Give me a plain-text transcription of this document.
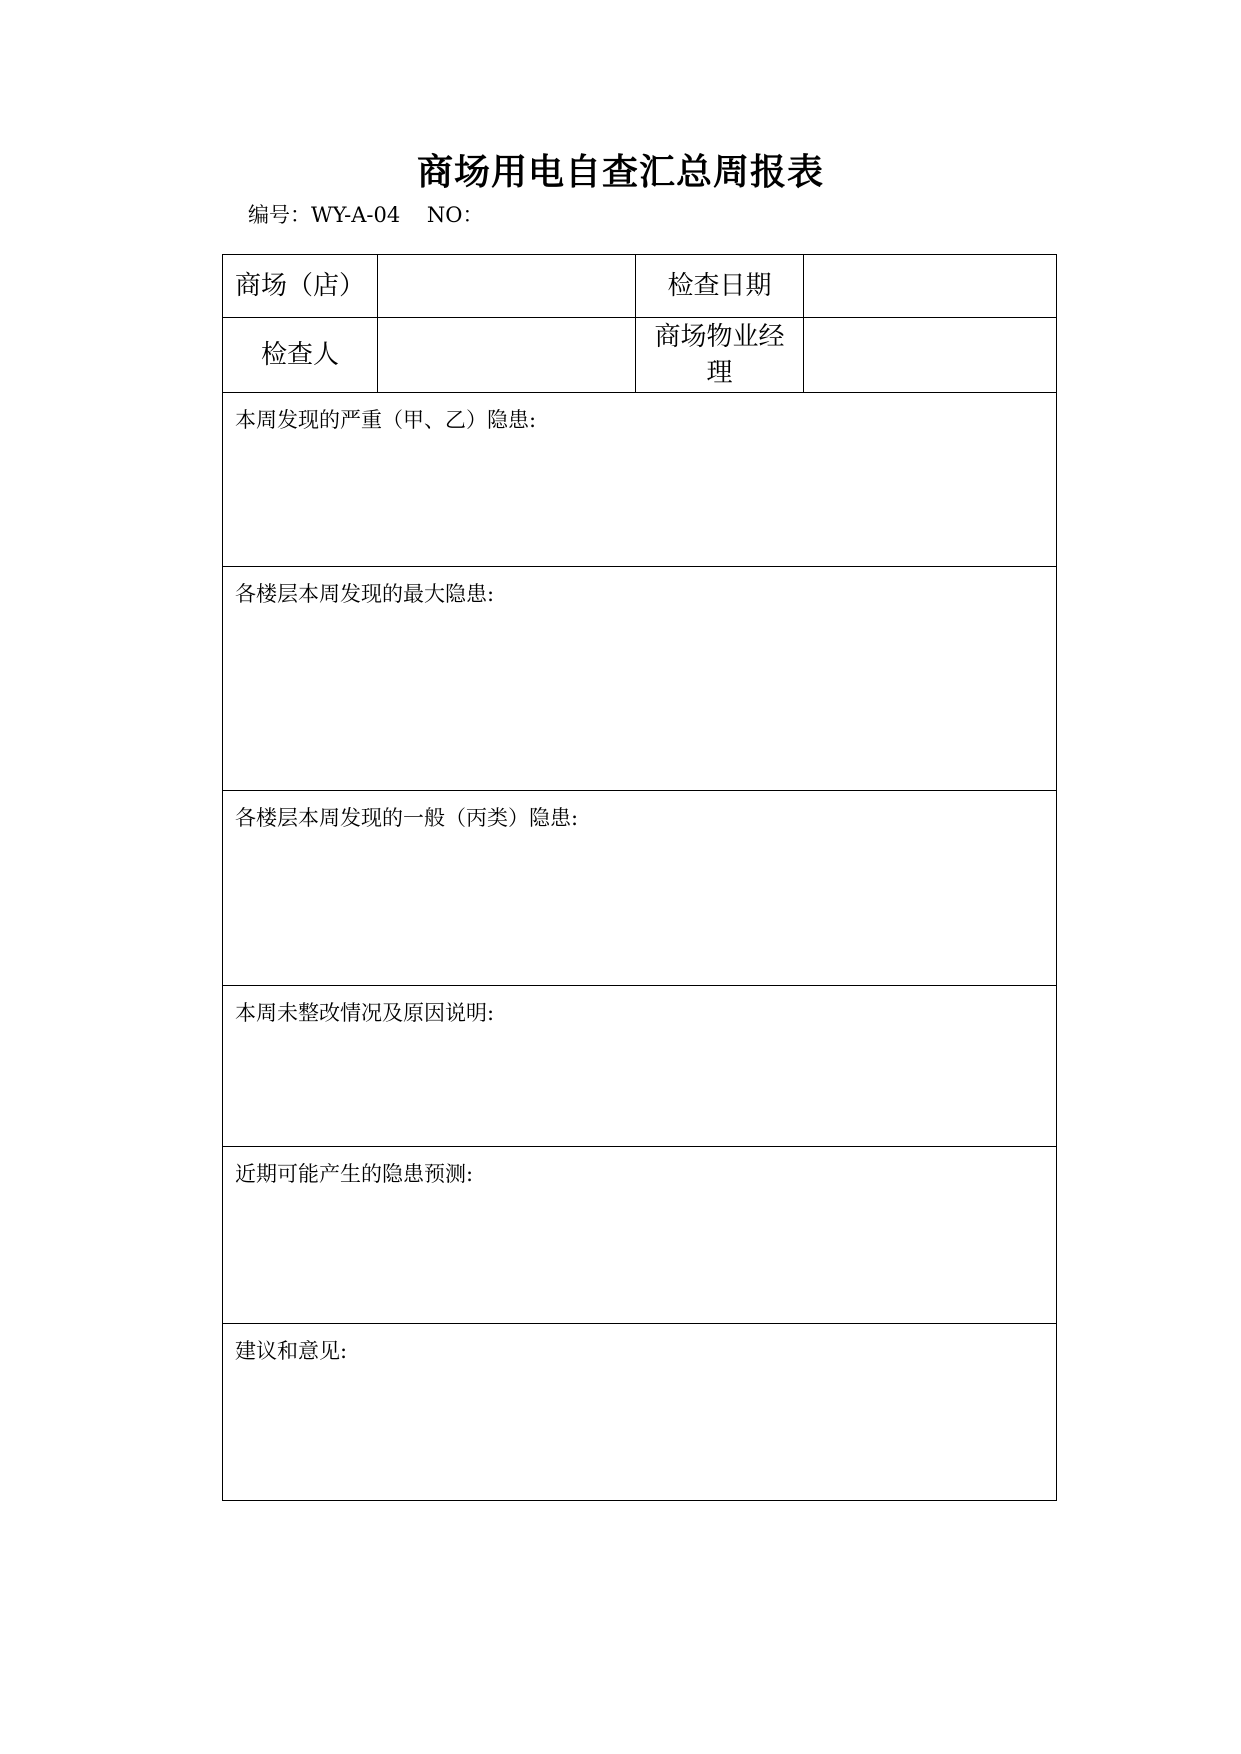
商场用电自查汇总周报表
编号：WY-A-04    NO：
商场（店）		检查日期	
检查人		商场物业经理	
本周发现的严重（甲、乙）隐患:			
各楼层本周发现的最大隐患:			
各楼层本周发现的一般（丙类）隐患:			
本周未整改情况及原因说明:			
近期可能产生的隐患预测:			
建议和意见:			
